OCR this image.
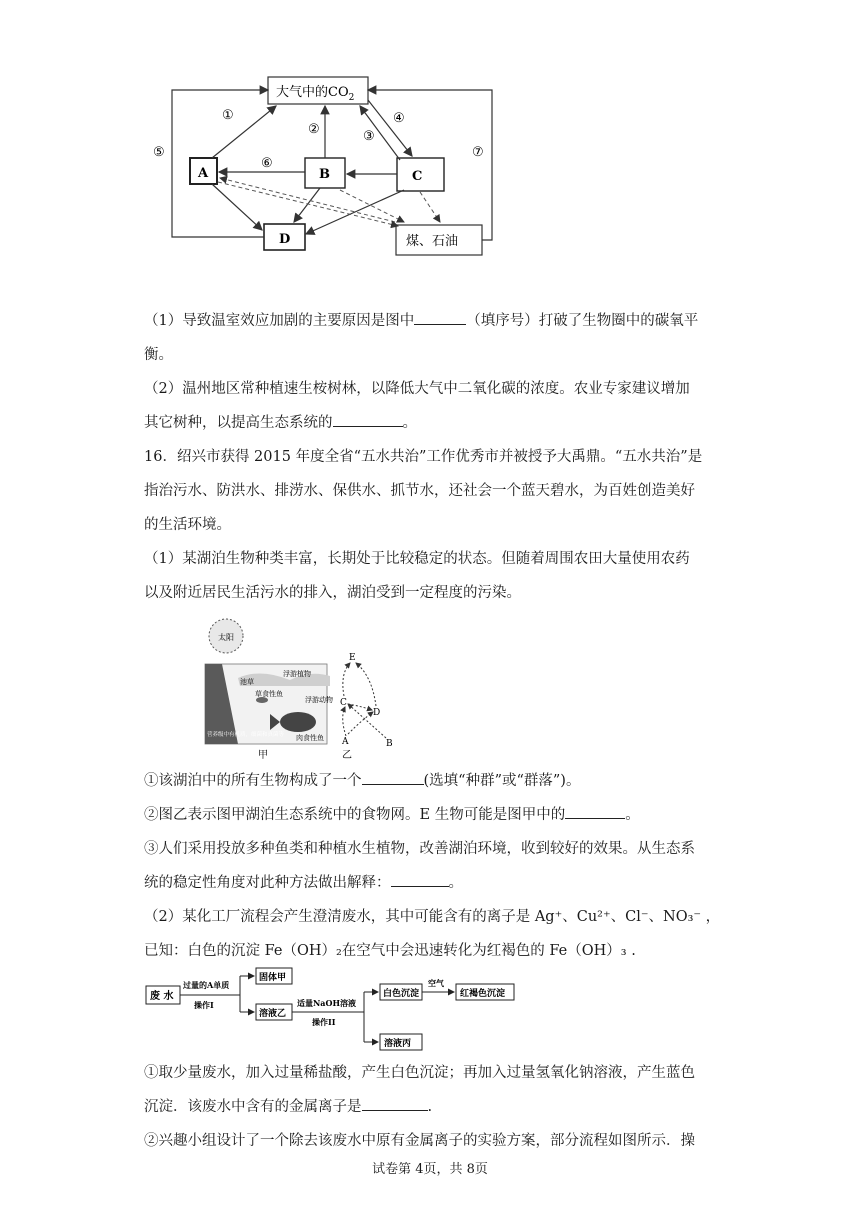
大气中的$CO_2$
A	B	C
D	煤、石油
①
②	③
④
⑤
⑥
⑦
（1）导致温室效应加剧的主要原因是图中	（填序号）打破了生物圈中的碳氧平
衡。
（2）温州地区常种植速生桉树林，以降低大气中二氧化碳的浓度。农业专家建议增加
其它树种，以提高生态系统的	。
16．绍兴市获得 2015 年度全省“五水共治”工作优秀市并被授予大禹鼎。“五水共治”是
指治污水、防洪水、排涝水、保供水、抓节水，还社会一个蓝天碧水，为百姓创造美好
的生活环境。
（1）某湖泊生物种类丰富，长期处于比较稳定的状态。但随着周围农田大量使用农药
以及附近居民生活污水的排入，湖泊受到一定程度的污染。
太阳
浮游植物
草食性鱼
浮游动物
池草
肉食性鱼
营养级中有机质，细菌和真菌等
甲
E
C
D
A	B
乙
①该湖泊中的所有生物构成了一个	(选填“种群”或“群落”)。
②图乙表示图甲湖泊生态系统中的食物网。E 生物可能是图甲中的	。
③人们采用投放多种鱼类和种植水生植物，改善湖泊环境，收到较好的效果。从生态系
统的稳定性角度对此种方法做出解释：	。
（2）某化工厂流程会产生澄清废水，其中可能含有的离子是 Ag⁺、Cu²⁺、Cl⁻、NO₃⁻ ，
已知：白色的沉淀 Fe（OH）₂在空气中会迅速转化为红褐色的 Fe（OH）₃ .
废 水
过量的A单质
操作I
固体甲
溶液乙
适量NaOH溶液
操作II
白色沉淀
空气
红褐色沉淀
溶液丙
①取少量废水，加入过量稀盐酸，产生白色沉淀；再加入过量氢氧化钠溶液，产生蓝色
沉淀．该废水中含有的金属离子是	.
②兴趣小组设计了一个除去该废水中原有金属离子的实验方案，部分流程如图所示．操
试卷第 4页，共 8页
